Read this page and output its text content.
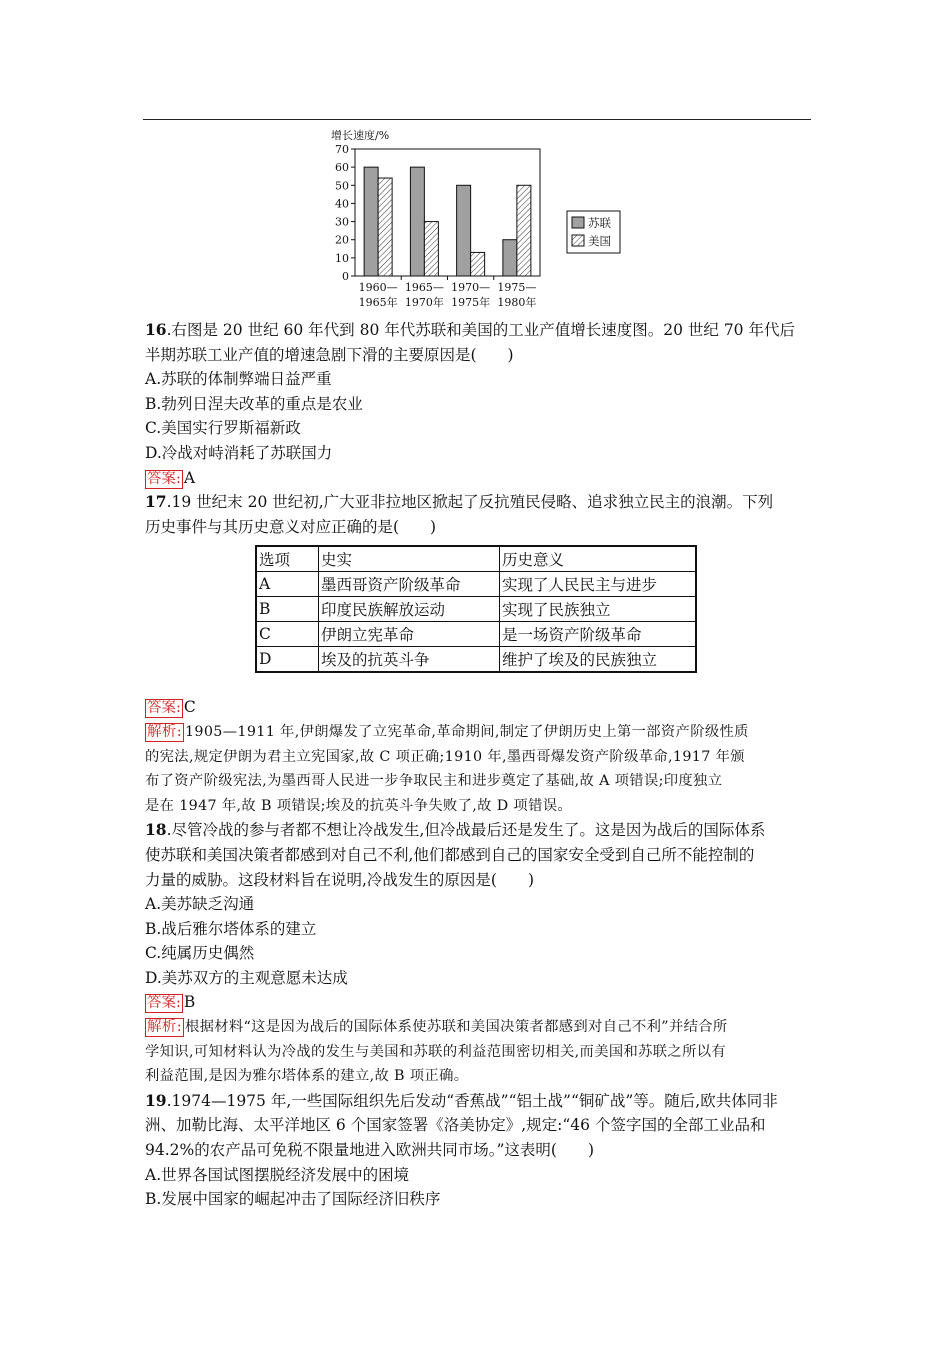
增长速度/%
70
60
50
40
30
20
10
0
1960—
1965年
1965—
1970年
1970—
1975年
1975—
1980年
苏联
美国
16.右图是 20 世纪 60 年代到 80 年代苏联和美国的工业产值增长速度图。20 世纪 70 年代后
半期苏联工业产值的增速急剧下滑的主要原因是(　　)
A.苏联的体制弊端日益严重
B.勃列日涅夫改革的重点是农业
C.美国实行罗斯福新政
D.冷战对峙消耗了苏联国力
答案: A
17.19 世纪末 20 世纪初,广大亚非拉地区掀起了反抗殖民侵略、追求独立民主的浪潮。下列
历史事件与其历史意义对应正确的是(　　)
选项	史实	历史意义
A	墨西哥资产阶级革命	实现了人民民主与进步
B	印度民族解放运动	实现了民族独立
C	伊朗立宪革命	是一场资产阶级革命
D	埃及的抗英斗争	维护了埃及的民族独立
答案: C
解析: 1905—1911 年,伊朗爆发了立宪革命,革命期间,制定了伊朗历史上第一部资产阶级性质
的宪法,规定伊朗为君主立宪国家,故 C 项正确;1910 年,墨西哥爆发资产阶级革命,1917 年颁
布了资产阶级宪法,为墨西哥人民进一步争取民主和进步奠定了基础,故 A 项错误;印度独立
是在 1947 年,故 B 项错误;埃及的抗英斗争失败了,故 D 项错误。
18.尽管冷战的参与者都不想让冷战发生,但冷战最后还是发生了。这是因为战后的国际体系
使苏联和美国决策者都感到对自己不利,他们都感到自己的国家安全受到自己所不能控制的
力量的威胁。这段材料旨在说明,冷战发生的原因是(　　)
A.美苏缺乏沟通
B.战后雅尔塔体系的建立
C.纯属历史偶然
D.美苏双方的主观意愿未达成
答案: B
解析: 根据材料“这是因为战后的国际体系使苏联和美国决策者都感到对自己不利”并结合所
学知识,可知材料认为冷战的发生与美国和苏联的利益范围密切相关,而美国和苏联之所以有
利益范围,是因为雅尔塔体系的建立,故 B 项正确。
19.1974—1975 年,一些国际组织先后发动“香蕉战”“铝土战”“铜矿战”等。随后,欧共体同非
洲、加勒比海、太平洋地区 6 个国家签署《洛美协定》,规定:“46 个签字国的全部工业品和
94.2%的农产品可免税不限量地进入欧洲共同市场。”这表明(　　)
A.世界各国试图摆脱经济发展中的困境
B.发展中国家的崛起冲击了国际经济旧秩序
